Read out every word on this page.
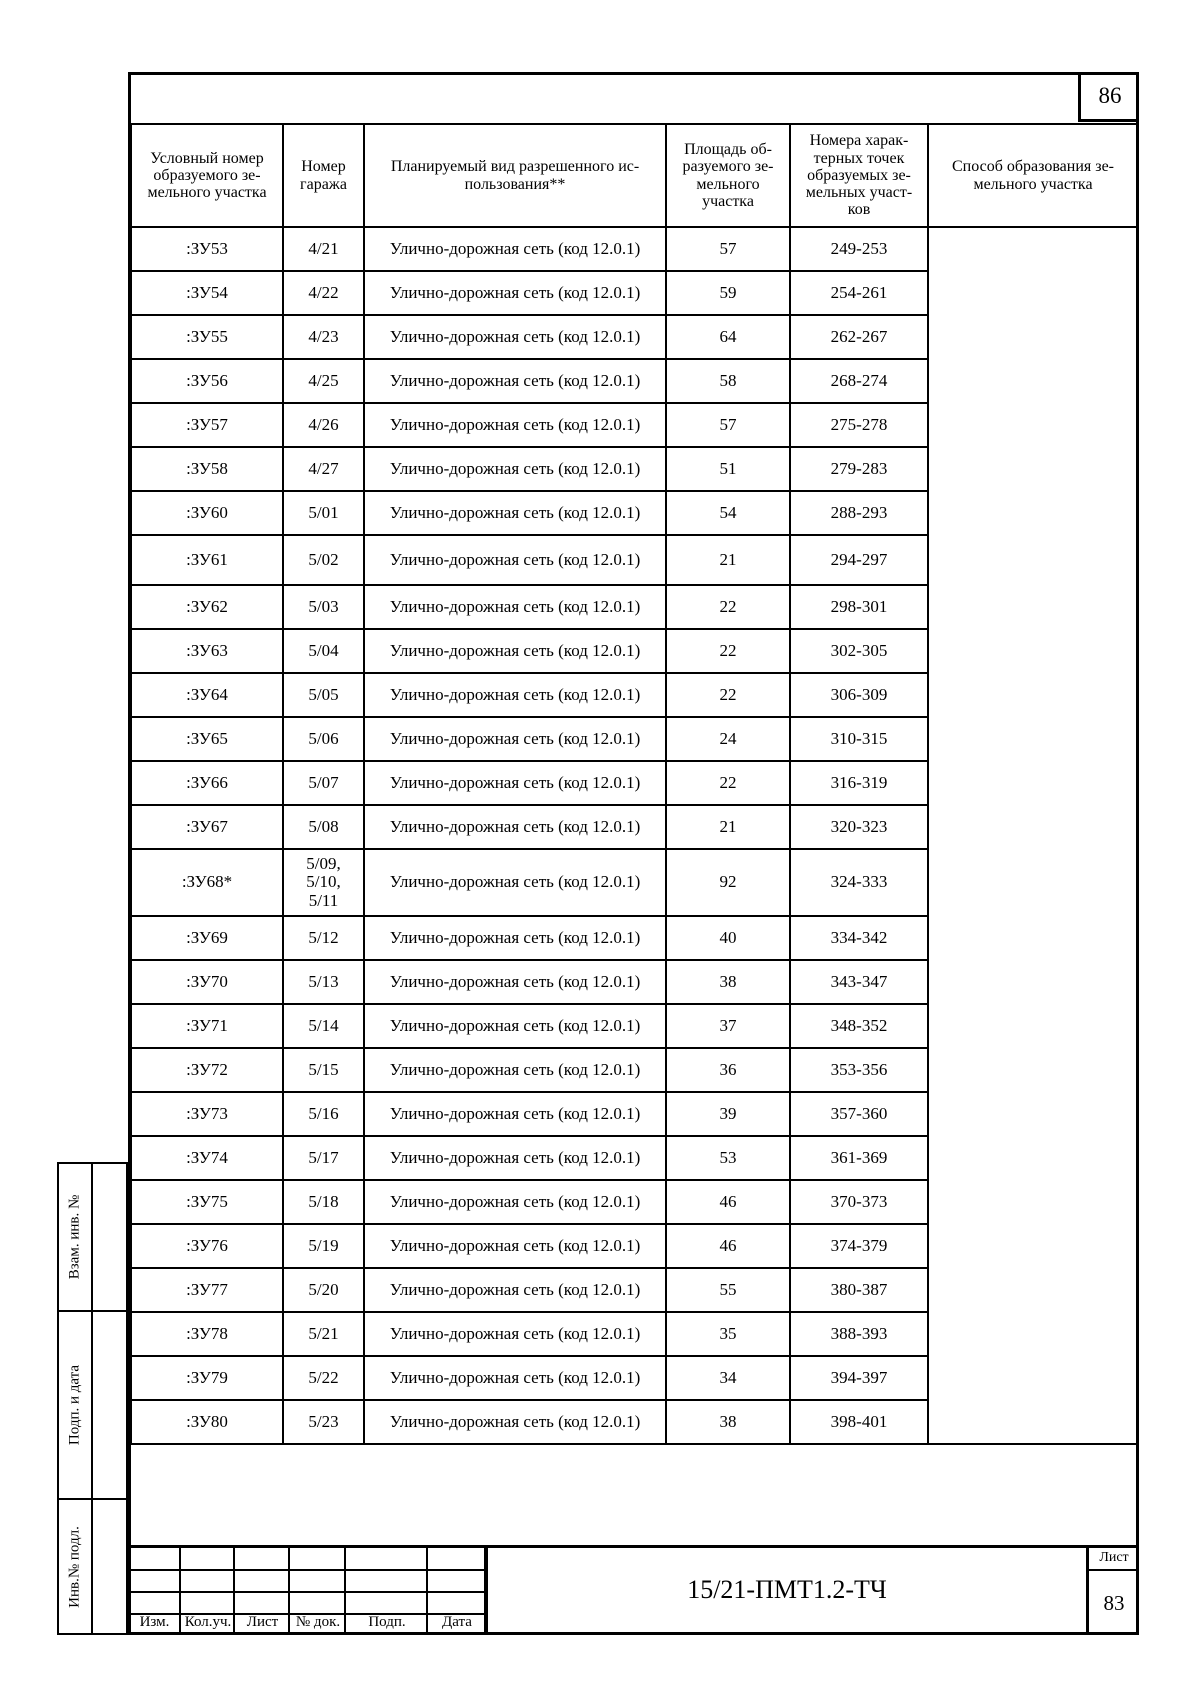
86
Условный номер образуемого зе-мельного участка	Номер гаража	Планируемый вид разрешенного ис-пользования**	Площадь об-разуемого зе-мельного участка	Номера харак-терных точек образуемых зе-мельных участ-ков	Способ образования зе-мельного участка
:ЗУ53	4/21	Улично-дорожная сеть (код 12.0.1)	57	249-253	
:ЗУ54	4/22	Улично-дорожная сеть (код 12.0.1)	59	254-261	
:ЗУ55	4/23	Улично-дорожная сеть (код 12.0.1)	64	262-267	
:ЗУ56	4/25	Улично-дорожная сеть (код 12.0.1)	58	268-274	
:ЗУ57	4/26	Улично-дорожная сеть (код 12.0.1)	57	275-278	
:ЗУ58	4/27	Улично-дорожная сеть (код 12.0.1)	51	279-283	
:ЗУ60	5/01	Улично-дорожная сеть (код 12.0.1)	54	288-293	
:ЗУ61	5/02	Улично-дорожная сеть (код 12.0.1)	21	294-297	
:ЗУ62	5/03	Улично-дорожная сеть (код 12.0.1)	22	298-301	
:ЗУ63	5/04	Улично-дорожная сеть (код 12.0.1)	22	302-305	
:ЗУ64	5/05	Улично-дорожная сеть (код 12.0.1)	22	306-309	
:ЗУ65	5/06	Улично-дорожная сеть (код 12.0.1)	24	310-315	
:ЗУ66	5/07	Улично-дорожная сеть (код 12.0.1)	22	316-319	
:ЗУ67	5/08	Улично-дорожная сеть (код 12.0.1)	21	320-323	
:ЗУ68*	5/09,
5/10,
5/11	Улично-дорожная сеть (код 12.0.1)	92	324-333	
:ЗУ69	5/12	Улично-дорожная сеть (код 12.0.1)	40	334-342	
:ЗУ70	5/13	Улично-дорожная сеть (код 12.0.1)	38	343-347	
:ЗУ71	5/14	Улично-дорожная сеть (код 12.0.1)	37	348-352	
:ЗУ72	5/15	Улично-дорожная сеть (код 12.0.1)	36	353-356	
:ЗУ73	5/16	Улично-дорожная сеть (код 12.0.1)	39	357-360	
:ЗУ74	5/17	Улично-дорожная сеть (код 12.0.1)	53	361-369	
:ЗУ75	5/18	Улично-дорожная сеть (код 12.0.1)	46	370-373	
:ЗУ76	5/19	Улично-дорожная сеть (код 12.0.1)	46	374-379	
:ЗУ77	5/20	Улично-дорожная сеть (код 12.0.1)	55	380-387	
:ЗУ78	5/21	Улично-дорожная сеть (код 12.0.1)	35	388-393	
:ЗУ79	5/22	Улично-дорожная сеть (код 12.0.1)	34	394-397	
:ЗУ80	5/23	Улично-дорожная сеть (код 12.0.1)	38	398-401	
Изм.	Кол.уч.	Лист	№ док.	Подп.	Дата
15/21-ПМТ1.2-ТЧ
Лист
83
Взам. инв. №
Подп. и дата
Инв.№ подл.
